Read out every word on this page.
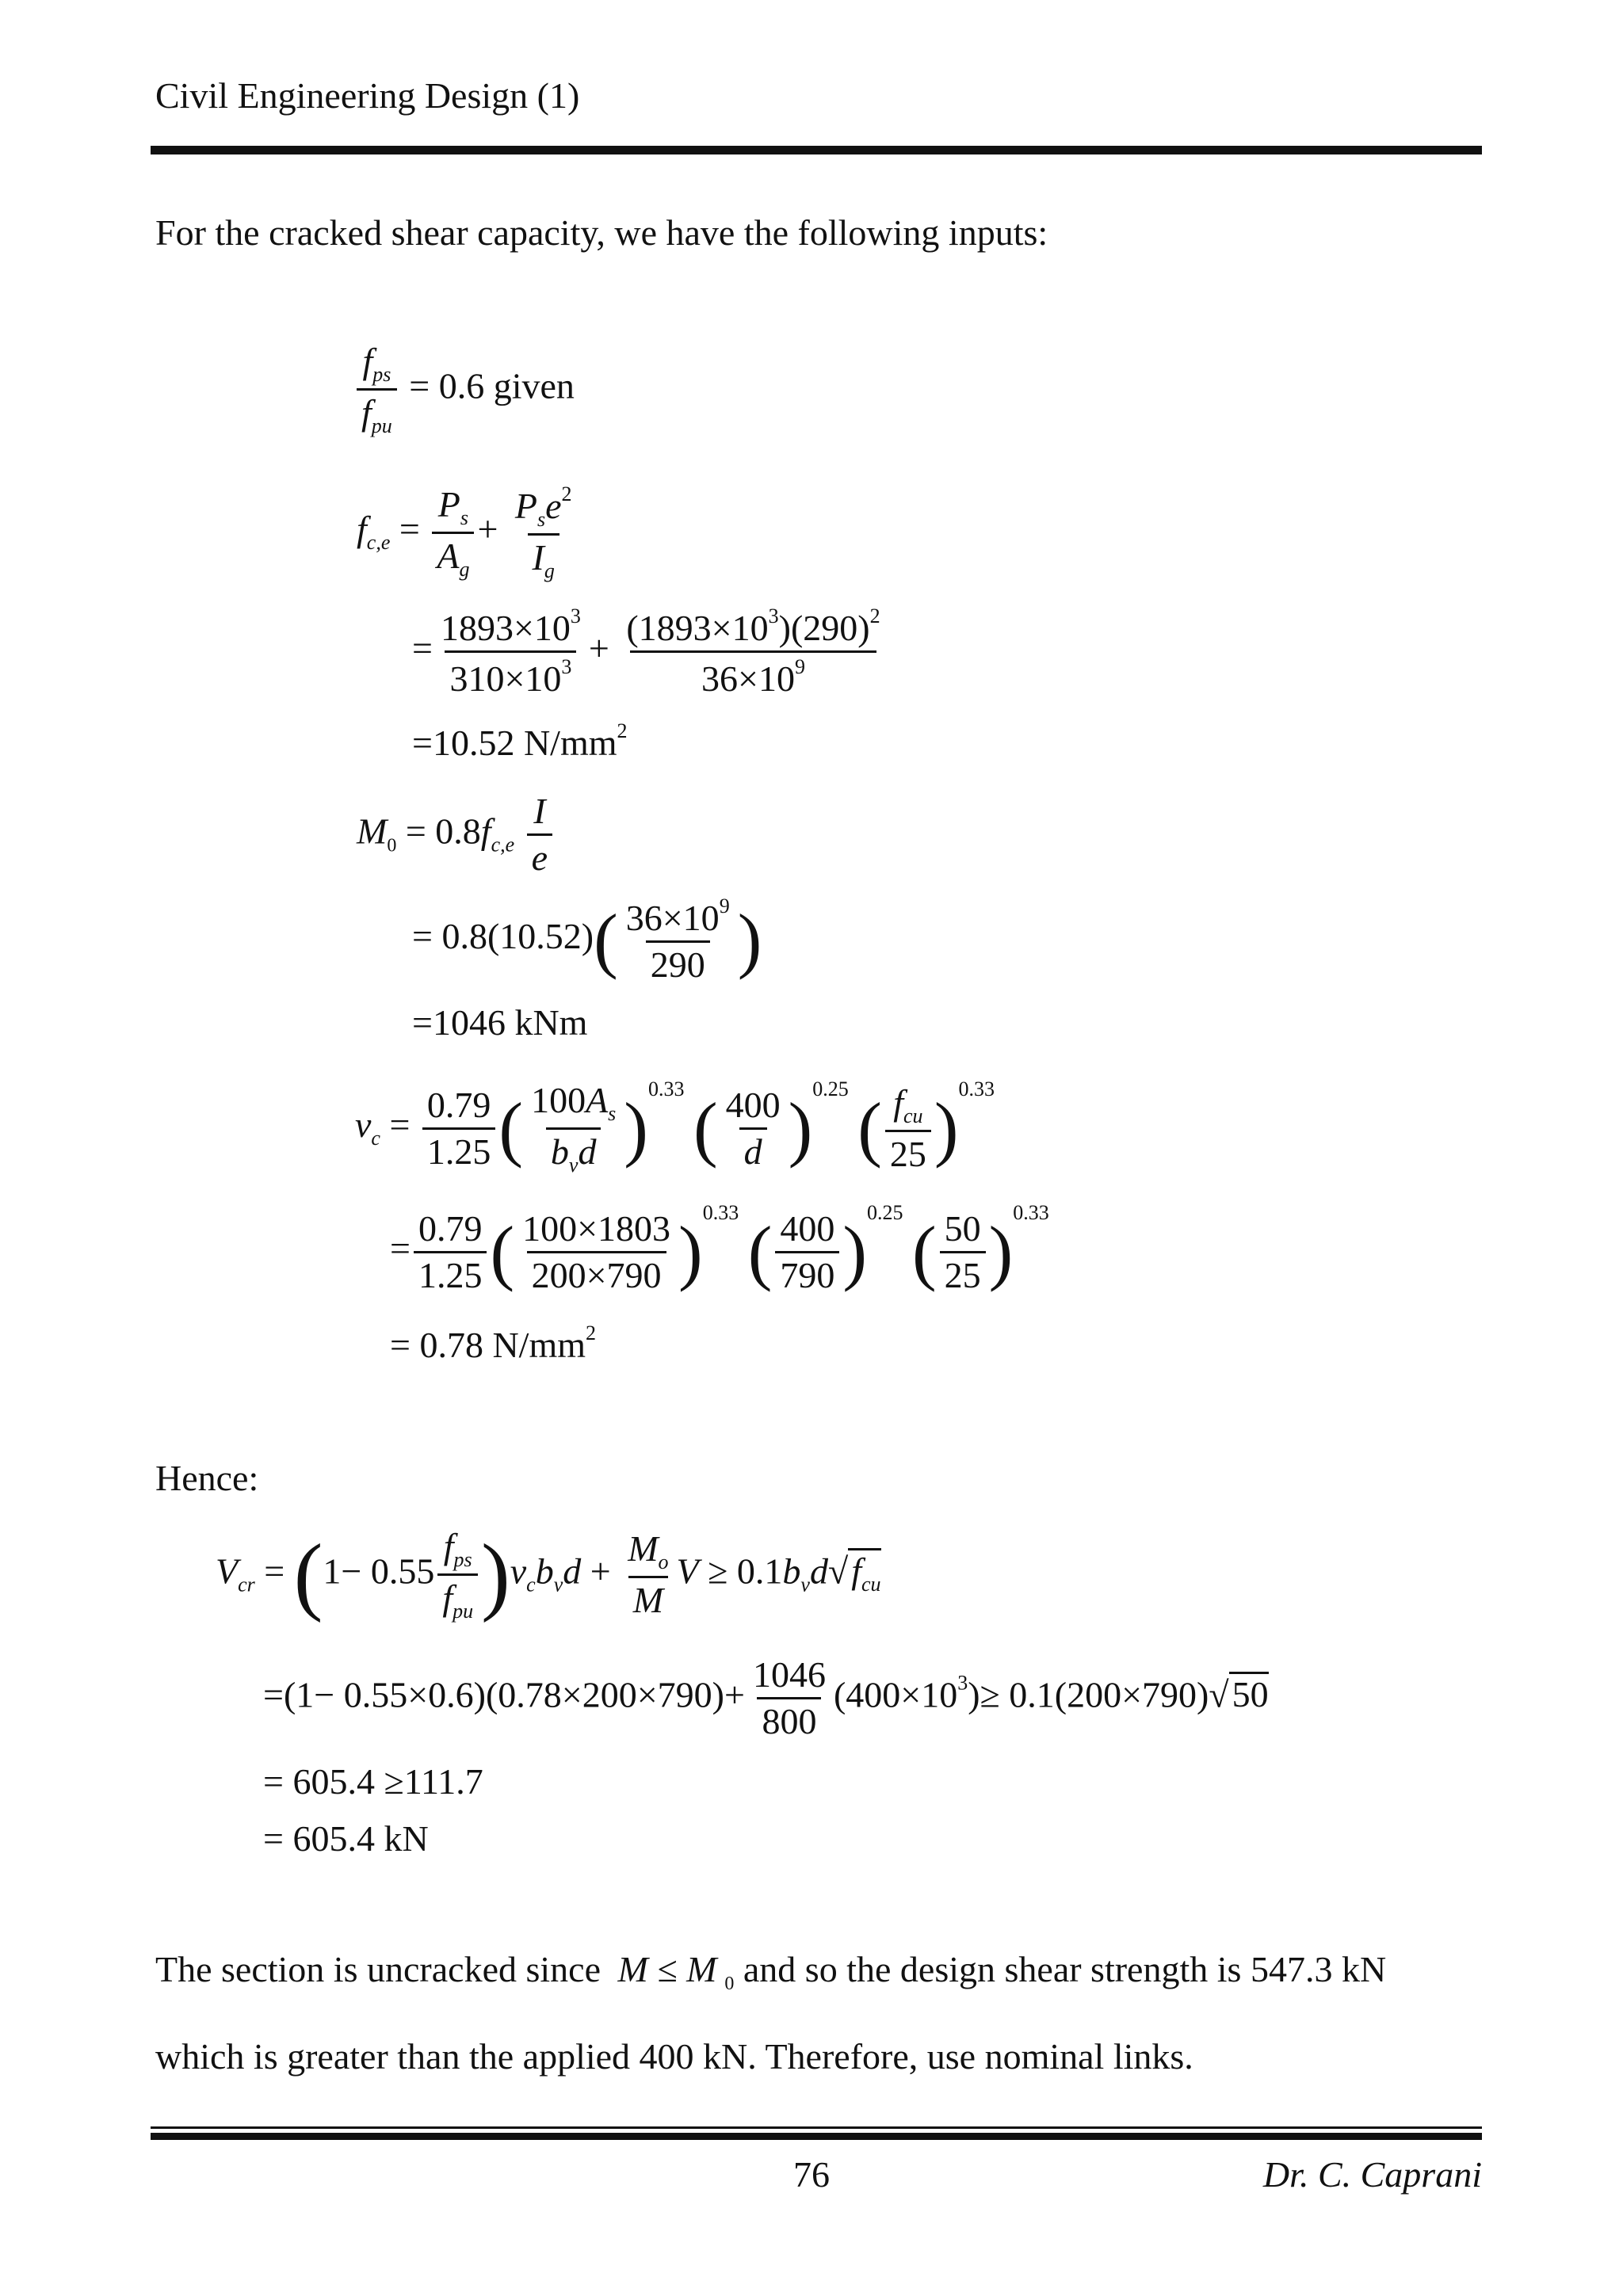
Civil Engineering Design (1)
For the cracked shear capacity, we have the following inputs:
$\frac{f_{ps}}{f_{pu}} = 0.6$ given
$f_{c,e} = \frac{P_s}{A_g} + \frac{P_se^2}{I_g}$
= $\frac{1893\times 10^3}{310\times 10^3} + \frac{(1893\times 10^3)(290)^2}{36\times 10^9}$
=10.52 $N/mm^2$
$M_0 = 0.8f_{c,e} \frac{I}{e}$
= $0.8(10.52)( \frac{36\times 10^9}{290}$ )
=1046 kNm
$v_c = \frac{0.79}{1.25}$ ( $\frac{100A_s}{b_vd} )^{0.33}$ ( $\frac{400}{d} )^{0.25}$ ( $\frac{f_{cu}}{25} )^{0.33}$
= $\frac{0.79}{1.25}$ ( $\frac{100\times 1803}{200\times 790} )^{0.33}$ ( $\frac{400}{790} )^{0.25}$ ( $\frac{50}{25} )^{0.33}$
= 0.78 $N/mm^2$
Hence:
$V_{cr} = (1- 0.55 \frac{f_{ps}}{f_{pu}} )v_cb_vd + \frac{M_o}{M}$ $V \ge 0.1b_vd√f_{cu}$
$=(1- 0.55\times 0.6)(0.78\times 200\times 790)+ \frac{1046}{800} (400\times 10^3)\ge 0.1(200\times 790)√50$
= 605.4 ≥111.7
= 605.4 kN
The section is uncracked since M ≤ M $_0$ and so the design shear strength is 547.3 kN
which is greater than the applied 400 kN. Therefore, use nominal links.
76	Dr. C. Caprani
